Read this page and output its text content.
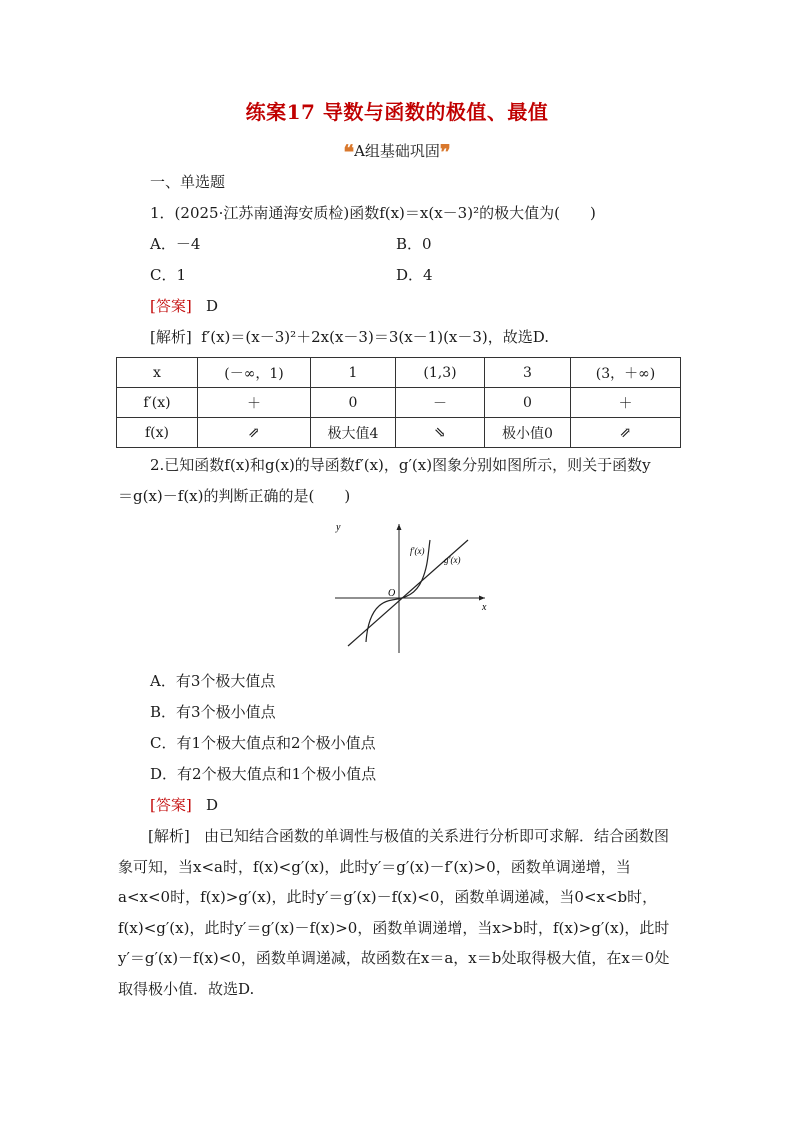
练案17 导数与函数的极值、最值
❝A组基础巩固❞
一、单选题
1．(2025·江苏南通海安质检)函数f(x)＝x(x－3)²的极大值为(　　)
A．－4	B．0
C．1	D．4
[答案] D
[解析] f′(x)＝(x－3)²＋2x(x－3)＝3(x－1)(x－3)，故选D.
x	(－∞，1)	1	(1,3)	3	(3，＋∞)
f′(x)	＋	0	－	0	＋
f(x)	⇗	极大值4	⇘	极小值0	⇗
2.已知函数f(x)和g(x)的导函数f′(x)，g′(x)图象分别如图所示，则关于函数y
＝g(x)－f(x)的判断正确的是(　　)
y
x
O
f′(x)
g′(x)
A．有3个极大值点
B．有3个极小值点
C．有1个极大值点和2个极小值点
D．有2个极大值点和1个极小值点
[答案] D
[解析] 由已知结合函数的单调性与极值的关系进行分析即可求解．结合函数图象可知，当x<a时，f(x)<g′(x)，此时y′＝g′(x)－f′(x)>0，函数单调递增，当a<x<0时，f(x)>g′(x)，此时y′＝g′(x)－f(x)<0，函数单调递减，当0<x<b时，f(x)<g′(x)，此时y′＝g′(x)－f(x)>0，函数单调递增，当x>b时，f(x)>g′(x)，此时y′＝g′(x)－f(x)<0，函数单调递减，故函数在x＝a，x＝b处取得极大值，在x＝0处取得极小值．故选D.
